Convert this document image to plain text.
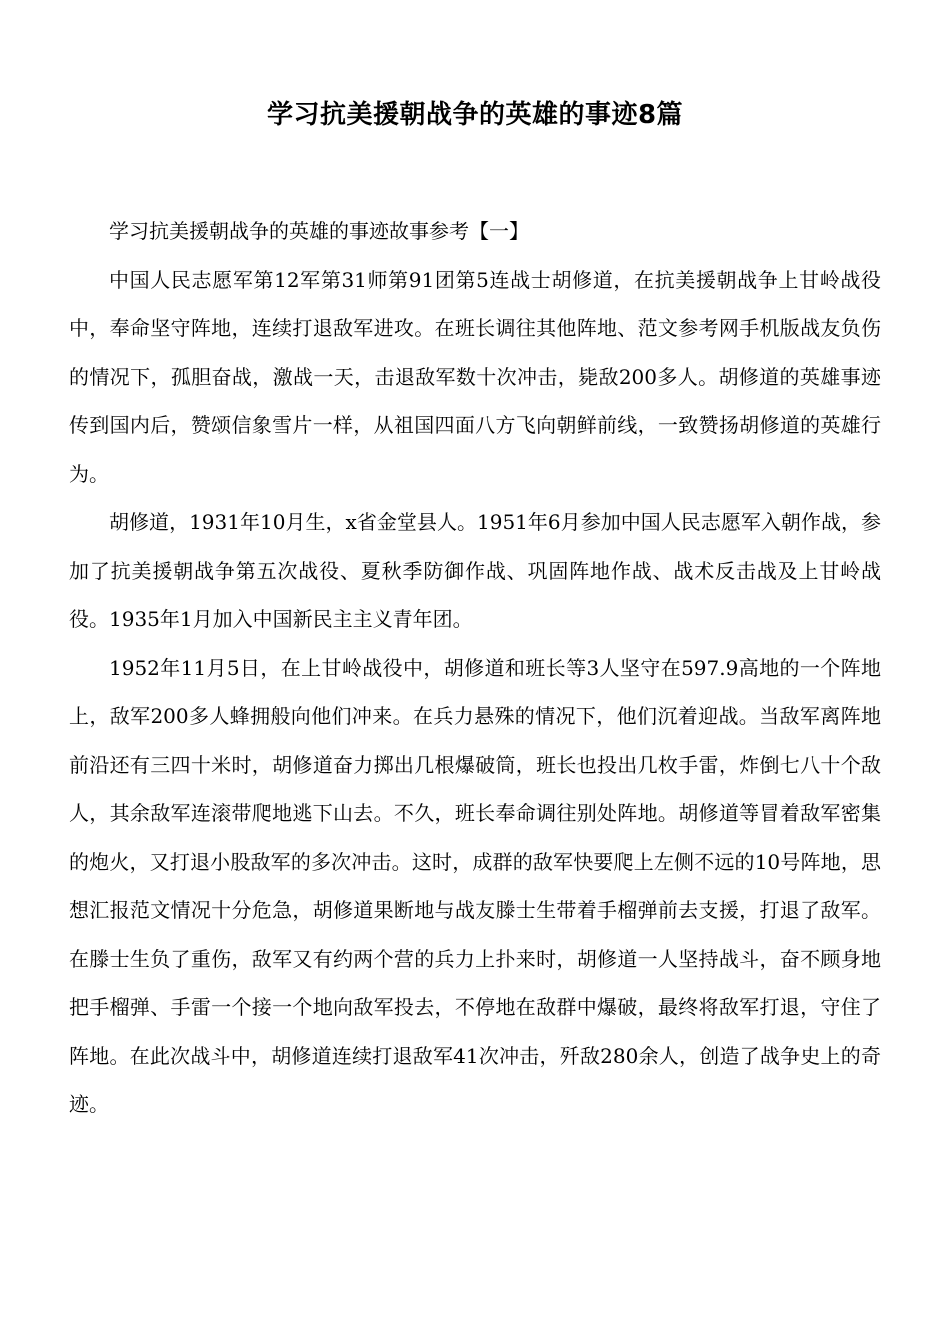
学习抗美援朝战争的英雄的事迹8篇

学习抗美援朝战争的英雄的事迹故事参考【一】

中国人民志愿军第12军第31师第91团第5连战士胡修道，在抗美援朝战争上甘岭战役中，奉命坚守阵地，连续打退敌军进攻。在班长调往其他阵地、范文参考网手机版战友负伤的情况下，孤胆奋战，激战一天，击退敌军数十次冲击，毙敌200多人。胡修道的英雄事迹传到国内后，赞颂信象雪片一样，从祖国四面八方飞向朝鲜前线，一致赞扬胡修道的英雄行为。

胡修道，1931年10月生，x省金堂县人。1951年6月参加中国人民志愿军入朝作战，参加了抗美援朝战争第五次战役、夏秋季防御作战、巩固阵地作战、战术反击战及上甘岭战役。1935年1月加入中国新民主主义青年团。

1952年11月5日，在上甘岭战役中，胡修道和班长等3人坚守在597.9高地的一个阵地上，敌军200多人蜂拥般向他们冲来。在兵力悬殊的情况下，他们沉着迎战。当敌军离阵地前沿还有三四十米时，胡修道奋力掷出几根爆破筒，班长也投出几枚手雷，炸倒七八十个敌人，其余敌军连滚带爬地逃下山去。不久，班长奉命调往别处阵地。胡修道等冒着敌军密集的炮火，又打退小股敌军的多次冲击。这时，成群的敌军快要爬上左侧不远的10号阵地，思想汇报范文情况十分危急，胡修道果断地与战友滕士生带着手榴弹前去支援，打退了敌军。在滕士生负了重伤，敌军又有约两个营的兵力上扑来时，胡修道一人坚持战斗，奋不顾身地把手榴弹、手雷一个接一个地向敌军投去，不停地在敌群中爆破，最终将敌军打退，守住了阵地。在此次战斗中，胡修道连续打退敌军41次冲击，歼敌280余人，创造了战争史上的奇迹。
